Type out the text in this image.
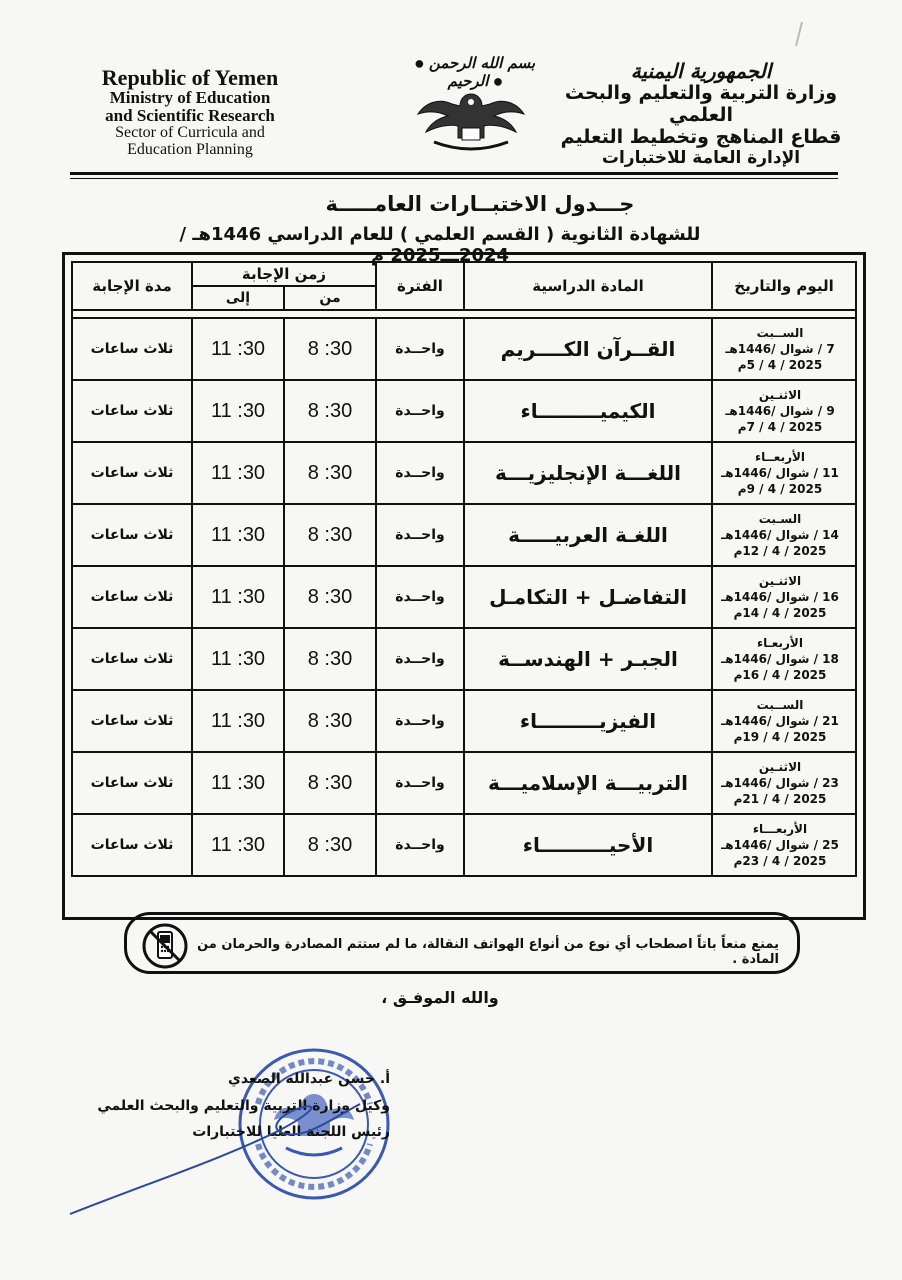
Republic of Yemen
Ministry of Education
and Scientific Research
Sector of Curricula and
Education Planning
● بسم الله الرحمن الرحيم ●	الجمهورية اليمنية
وزارة التربية والتعليم والبحث العلمي
قطاع المناهج وتخطيط التعليم
الإدارة العامة للاختبارات
جـــدول الاختبــارات العامـــــة
للشهادة الثانوية ( القسم العلمي ) للعام الدراسي 1446هـ / 2024ـــ2025 م
اليوم والتاريخ	المادة الدراسية	الفترة	زمن الإجابة		مدة الإجابة
			من	إلى	

الســبت
7 / شوال /1446هـ
2025 / 4 / 5م	القــرآن الكــــريم	واحــدة	8 :30	11 :30	ثلاث ساعات

الاثنـين
9 / شوال /1446هـ
2025 / 4 / 7م	الكيميـــــــــاء	واحــدة	8 :30	11 :30	ثلاث ساعات

الأربعــاء
11 / شوال /1446هـ
2025 / 4 / 9م	اللغـــة الإنجليزيـــة	واحــدة	8 :30	11 :30	ثلاث ساعات

السـبت
14 / شوال /1446هـ
2025 / 4 / 12م	اللغـة العربيـــــة	واحــدة	8 :30	11 :30	ثلاث ساعات

الاثنـين
16 / شوال /1446هـ
2025 / 4 / 14م	التفاضـل + التكامـل	واحــدة	8 :30	11 :30	ثلاث ساعات

الأربعـاء
18 / شوال /1446هـ
2025 / 4 / 16م	الجبـر + الهندســة	واحــدة	8 :30	11 :30	ثلاث ساعات

الســبت
21 / شوال /1446هـ
2025 / 4 / 19م	الفيزيـــــــــاء	واحــدة	8 :30	11 :30	ثلاث ساعات

الاثنـين
23 / شوال /1446هـ
2025 / 4 / 21م	التربيـــة الإسلاميـــة	واحــدة	8 :30	11 :30	ثلاث ساعات

الأربعـــاء
25 / شوال /1446هـ
2025 / 4 / 23م	الأحيــــــــــاء	واحــدة	8 :30	11 :30	ثلاث ساعات
يمنع منعاً باتاً اصطحاب أي نوع من أنواع الهواتف النقالة، ما لم ستتم المصادرة والحرمان من المادة .
والله الموفـق ،
أ. حسن عبدالله الصعدي
وكيل وزارة التربية والتعليم والبحث العلمي
رئيس اللجنة العليا للاختبارات
